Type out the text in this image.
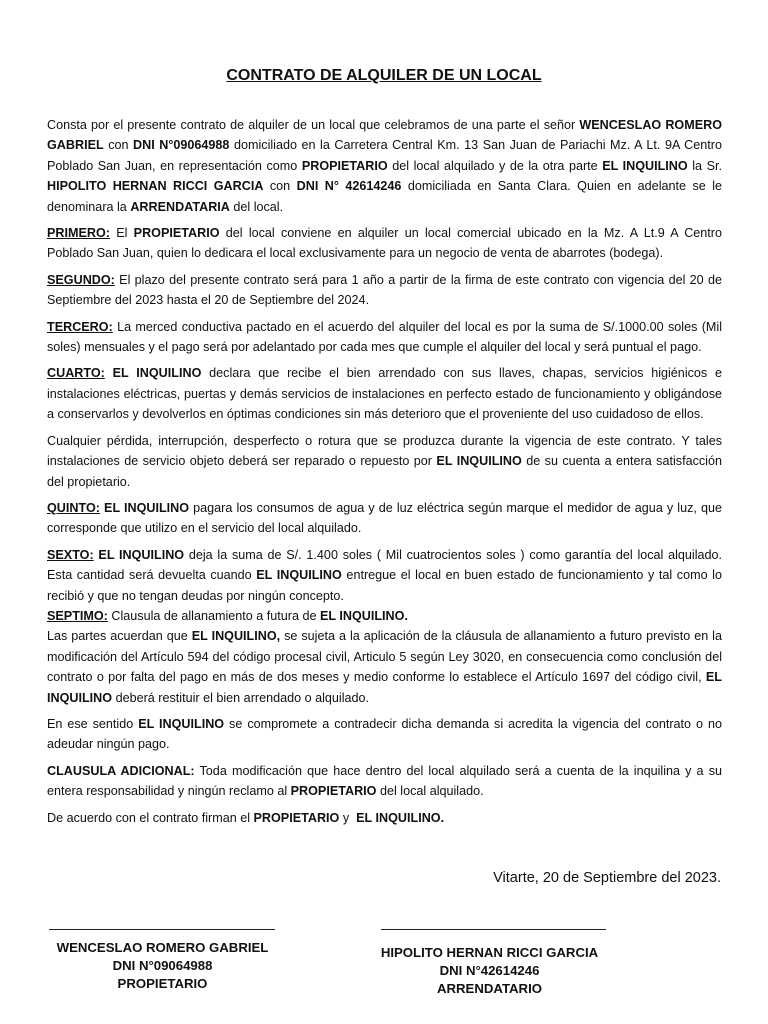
CONTRATO DE ALQUILER DE UN LOCAL

Consta por el presente contrato de alquiler de un local que celebramos de una parte el señor WENCESLAO ROMERO GABRIEL con DNI N°09064988 domiciliado en la Carretera Central Km. 13 San Juan de Pariachi Mz. A Lt. 9A Centro Poblado San Juan, en representación como PROPIETARIO del local alquilado y de la otra parte EL INQUILINO la Sr. HIPOLITO HERNAN RICCI GARCIA con DNI N° 42614246 domiciliada en Santa Clara. Quien en adelante se le denominara la ARRENDATARIA del local.

PRIMERO: El PROPIETARIO del local conviene en alquiler un local comercial ubicado en la Mz. A Lt.9 A Centro Poblado San Juan, quien lo dedicara el local exclusivamente para un negocio de venta de abarrotes (bodega).

SEGUNDO: El plazo del presente contrato será para 1 año a partir de la firma de este contrato con vigencia del 20 de Septiembre del 2023 hasta el 20 de Septiembre del 2024.

TERCERO: La merced conductiva pactado en el acuerdo del alquiler del local es por la suma de S/.1000.00 soles (Mil soles) mensuales y el pago será por adelantado por cada mes que cumple el alquiler del local y será puntual el pago.

CUARTO: EL INQUILINO declara que recibe el bien arrendado con sus llaves, chapas, servicios higiénicos e instalaciones eléctricas, puertas y demás servicios de instalaciones en perfecto estado de funcionamiento y obligándose a conservarlos y devolverlos en óptimas condiciones sin más deterioro que el proveniente del uso cuidadoso de ellos.

Cualquier pérdida, interrupción, desperfecto o rotura que se produzca durante la vigencia de este contrato. Y tales instalaciones de servicio objeto deberá ser reparado o repuesto por EL INQUILINO de su cuenta a entera satisfacción del propietario.

QUINTO: EL INQUILINO pagara los consumos de agua y de luz eléctrica según marque el medidor de agua y luz, que corresponde que utilizo en el servicio del local alquilado.

SEXTO: EL INQUILINO deja la suma de S/. 1.400 soles ( Mil cuatrocientos soles ) como garantía del local alquilado. Esta cantidad será devuelta cuando EL INQUILINO entregue el local en buen estado de funcionamiento y tal como lo recibió y que no tengan deudas por ningún concepto.

SEPTIMO: Clausula de allanamiento a futura de EL INQUILINO.

Las partes acuerdan que EL INQUILINO, se sujeta a la aplicación de la cláusula de allanamiento a futuro previsto en la modificación del Artículo 594 del código procesal civil, Articulo 5 según Ley 3020, en consecuencia como conclusión del contrato o por falta del pago en más de dos meses y medio conforme lo establece el Artículo 1697 del código civil, EL INQUILINO deberá restituir el bien arrendado o alquilado.

En ese sentido EL INQUILINO se compromete a contradecir dicha demanda si acredita la vigencia del contrato o no adeudar ningún pago.

CLAUSULA ADICIONAL: Toda modificación que hace dentro del local alquilado será a cuenta de la inquilina y a su entera responsabilidad y ningún reclamo al PROPIETARIO del local alquilado.

De acuerdo con el contrato firman el PROPIETARIO y  EL INQUILINO.

Vitarte, 20 de Septiembre del 2023.
WENCESLAO ROMERO GABRIEL
DNI N°09064988
PROPIETARIO
HIPOLITO HERNAN RICCI GARCIA
DNI N°42614246
ARRENDATARIO
